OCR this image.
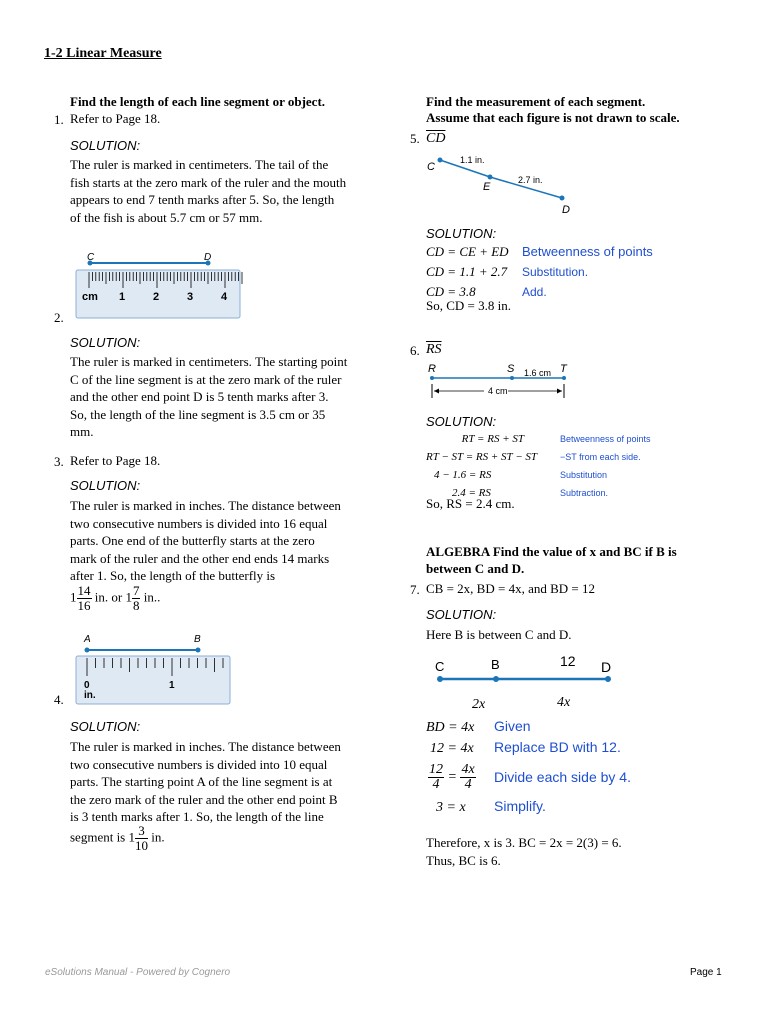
1-2 Linear Measure
Find the length of each line segment or object.
1. Refer to Page 18.
SOLUTION:
The ruler is marked in centimeters. The tail of the
fish starts at the zero mark of the ruler and the mouth
appears to end 7 tenth marks after 5. So, the length
of the fish is about 5.7 cm or 57 mm.
C	D
cm 1	2	3	4
2.
SOLUTION:
The ruler is marked in centimeters. The starting point
C of the line segment is at the zero mark of the ruler
and the other end point D is 5 tenth marks after 3.
So, the length of the line segment is 3.5 cm or 35
mm.
3. Refer to Page 18.
SOLUTION:
The ruler is marked in inches. The distance between
two consecutive numbers is divided into 16 equal
parts. One end of the butterfly starts at the zero
mark of the ruler and the other end ends 14 marks
after 1. So, the length of the butterfly is
$1 \frac{14}{16}$ in. or $1 \frac{7}{8}$ in..
A	B
0
in.
1
4.
SOLUTION:
The ruler is marked in inches. The distance between
two consecutive numbers is divided into 10 equal
parts. The starting point A of the line segment is at
the zero mark of the ruler and the other end point B
is 3 tenth marks after 1. So, the length of the line
segment is $1 \frac{3}{10}$ in.
Find the measurement of each segment.
Assume that each figure is not drawn to scale.
5. $\overline{CD}$
C
E
D
1.1 in.
2.7 in.
SOLUTION:
CD = CE + ED Betweenness of points
CD = 1.1 + 2.7 Substitution.
CD = 3.8	Add.
So, CD = 3.8 in.
6. $\overline{RS}$
R	S	T
1.6 cm
4 cm
SOLUTION:
RT = RS + ST	Betweenness of points
RT − ST = RS + ST − ST	−ST from each side.
4 − 1.6 = RS	Substitution
2.4 = RS	Subtraction.
So, RS = 2.4 cm.
ALGEBRA Find the value of x and BC if B is
between C and D.
7. CB = 2x, BD = 4x, and BD = 12
SOLUTION:
Here B is between C and D.
C	B	D
12
2x	4x
BD = 4x Given
12 = 4x Replace BD with 12.
$\frac{12}{4} = \frac{4x}{4}$ Divide each side by 4.
3 = x Simplify.
Therefore, x is 3. BC = 2x = 2(3) = 6.
Thus, BC is 6.
eSolutions Manual - Powered by Cognero	Page 1
